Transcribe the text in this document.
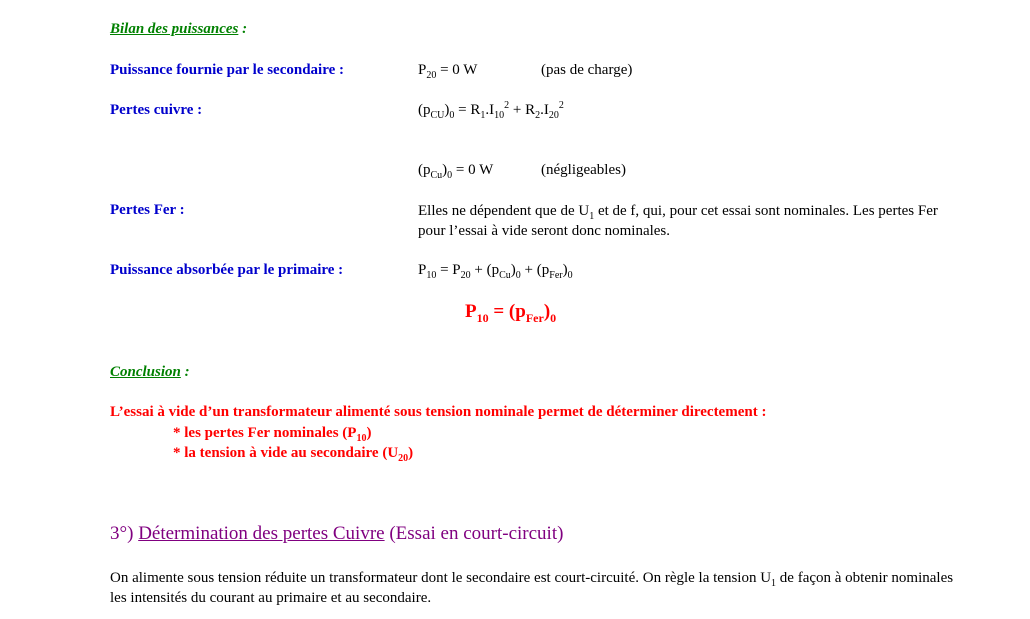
Bilan des puissances :
Puissance fournie par le secondaire :	$P_{20} = 0$ W	(pas de charge)
Pertes cuivre :	$(p_{CU})_0 = R_1.I_{10}^2 + R_2.I_{20}^2$
$(p_{Cu})_0 = 0$ W	(négligeables)
Pertes Fer :	Elles ne dépendent que de $U_1$ et de f, qui, pour cet essai sont nominales. Les pertes Fer pour l’essai à vide seront donc nominales.
Puissance absorbée par le primaire :	$P_{10} = P_{20} + (p_{Cu})_0 + (p_{Fer})_0$
$P_{10} = (p_{Fer})_0$
Conclusion :
L’essai à vide d’un transformateur alimenté sous tension nominale permet de déterminer directement :
* les pertes Fer nominales $(P_{10})$
* la tension à vide au secondaire $(U_{20})$
3°) Détermination des pertes Cuivre (Essai en court-circuit)
On alimente sous tension réduite un transformateur dont le secondaire est court-circuité. On règle la tension $U_1$ de façon à obtenir nominales les intensités du courant au primaire et au secondaire.
